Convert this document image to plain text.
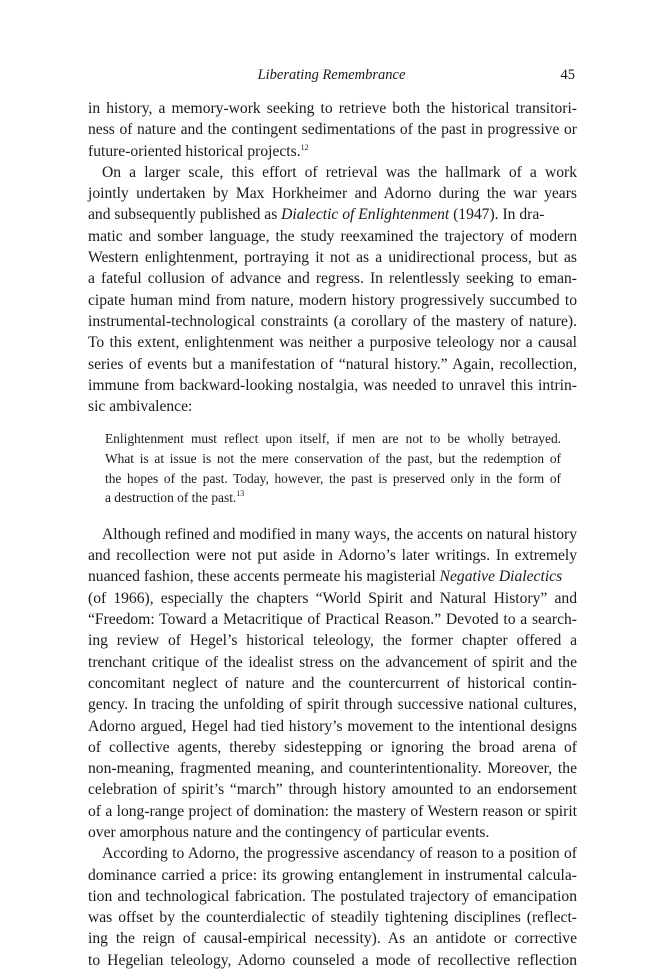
Liberating Remembrance	45
in history, a memory-work seeking to retrieve both the historical transitori-
ness of nature and the contingent sedimentations of the past in progressive or
future-oriented historical projects.$^{12}$
On a larger scale, this effort of retrieval was the hallmark of a work
jointly undertaken by Max Horkheimer and Adorno during the war years
and subsequently published as Dialectic of Enlightenment (1947). In dra-
matic and somber language, the study reexamined the trajectory of modern
Western enlightenment, portraying it not as a unidirectional process, but as
a fateful collusion of advance and regress. In relentlessly seeking to eman-
cipate human mind from nature, modern history progressively succumbed to
instrumental-technological constraints (a corollary of the mastery of nature).
To this extent, enlightenment was neither a purposive teleology nor a causal
series of events but a manifestation of “natural history.” Again, recollection,
immune from backward-looking nostalgia, was needed to unravel this intrin-
sic ambivalence:
Enlightenment must reflect upon itself, if men are not to be wholly betrayed.
What is at issue is not the mere conservation of the past, but the redemption of
the hopes of the past. Today, however, the past is preserved only in the form of
a destruction of the past.$^{13}$
Although refined and modified in many ways, the accents on natural history
and recollection were not put aside in Adorno’s later writings. In extremely
nuanced fashion, these accents permeate his magisterial Negative Dialectics
(of 1966), especially the chapters “World Spirit and Natural History” and
“Freedom: Toward a Metacritique of Practical Reason.” Devoted to a search-
ing review of Hegel’s historical teleology, the former chapter offered a
trenchant critique of the idealist stress on the advancement of spirit and the
concomitant neglect of nature and the countercurrent of historical contin-
gency. In tracing the unfolding of spirit through successive national cultures,
Adorno argued, Hegel had tied history’s movement to the intentional designs
of collective agents, thereby sidestepping or ignoring the broad arena of
non-meaning, fragmented meaning, and counterintentionality. Moreover, the
celebration of spirit’s “march” through history amounted to an endorsement
of a long-range project of domination: the mastery of Western reason or spirit
over amorphous nature and the contingency of particular events.
According to Adorno, the progressive ascendancy of reason to a position of
dominance carried a price: its growing entanglement in instrumental calcula-
tion and technological fabrication. The postulated trajectory of emancipation
was offset by the counterdialectic of steadily tightening disciplines (reflect-
ing the reign of causal-empirical necessity). As an antidote or corrective
to Hegelian teleology, Adorno counseled a mode of recollective reflection
